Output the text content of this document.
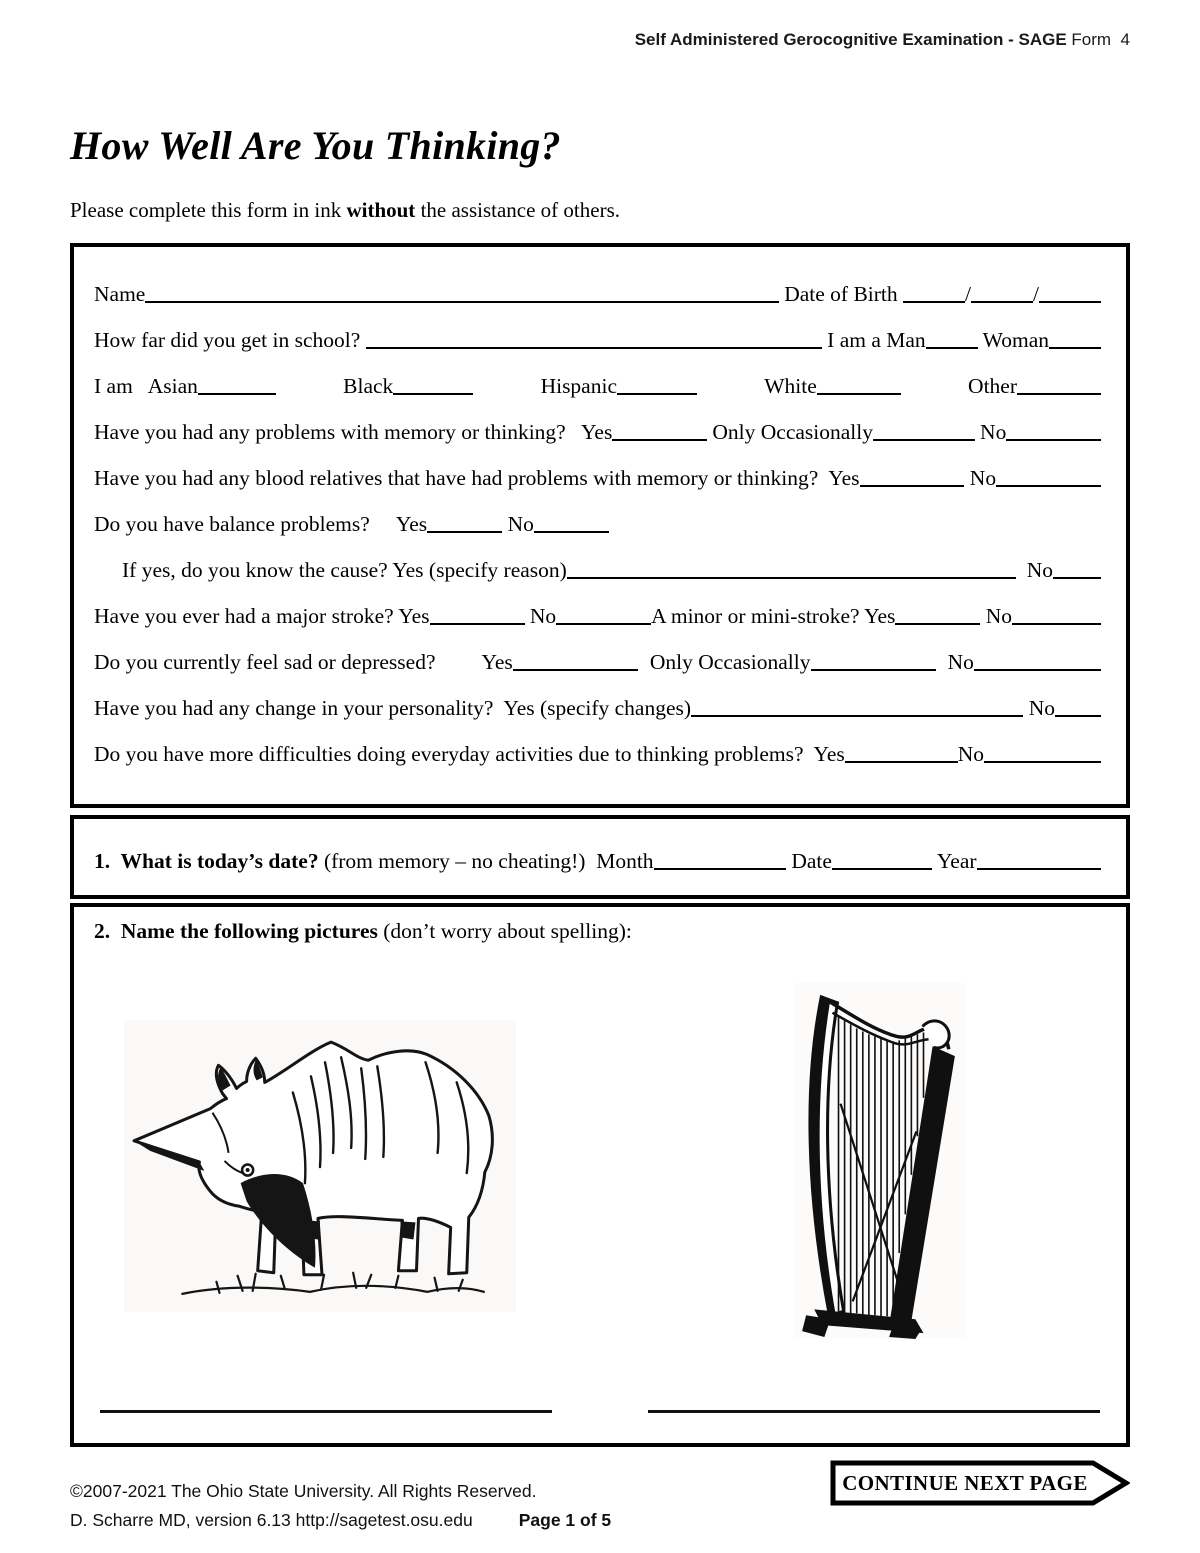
Self Administered Gerocognitive Examination - SAGE Form  4
How Well Are You Thinking?
Please complete this form in ink without the assistance of others.
Name	Date of Birth	/	/
How far did you get in school?	I am a Man Woman
I am   Asian	Black	Hispanic	White	Other
Have you had any problems with memory or thinking?   Yes	Only Occasionally	No
Have you had any blood relatives that have had problems with memory or thinking?  Yes	No
Do you have balance problems?     Yes	No
If yes, do you know the cause? Yes (specify reason)	No
Have you ever had a major stroke? Yes	No	A minor or mini-stroke? Yes	No
Do you currently feel sad or depressed? Yes	Only Occasionally	No
Have you had any change in your personality?  Yes (specify changes)	No
Do you have more difficulties doing everyday activities due to thinking problems?  Yes	No
1.  What is today’s date? (from memory – no cheating!)  Month	Date	Year
2.  Name the following pictures (don’t worry about spelling):
©2007-2021 The Ohio State University. All Rights Reserved.
D. Scharre MD, version 6.13 http://sagetest.osu.edu	Page 1 of 5
CONTINUE NEXT PAGE
